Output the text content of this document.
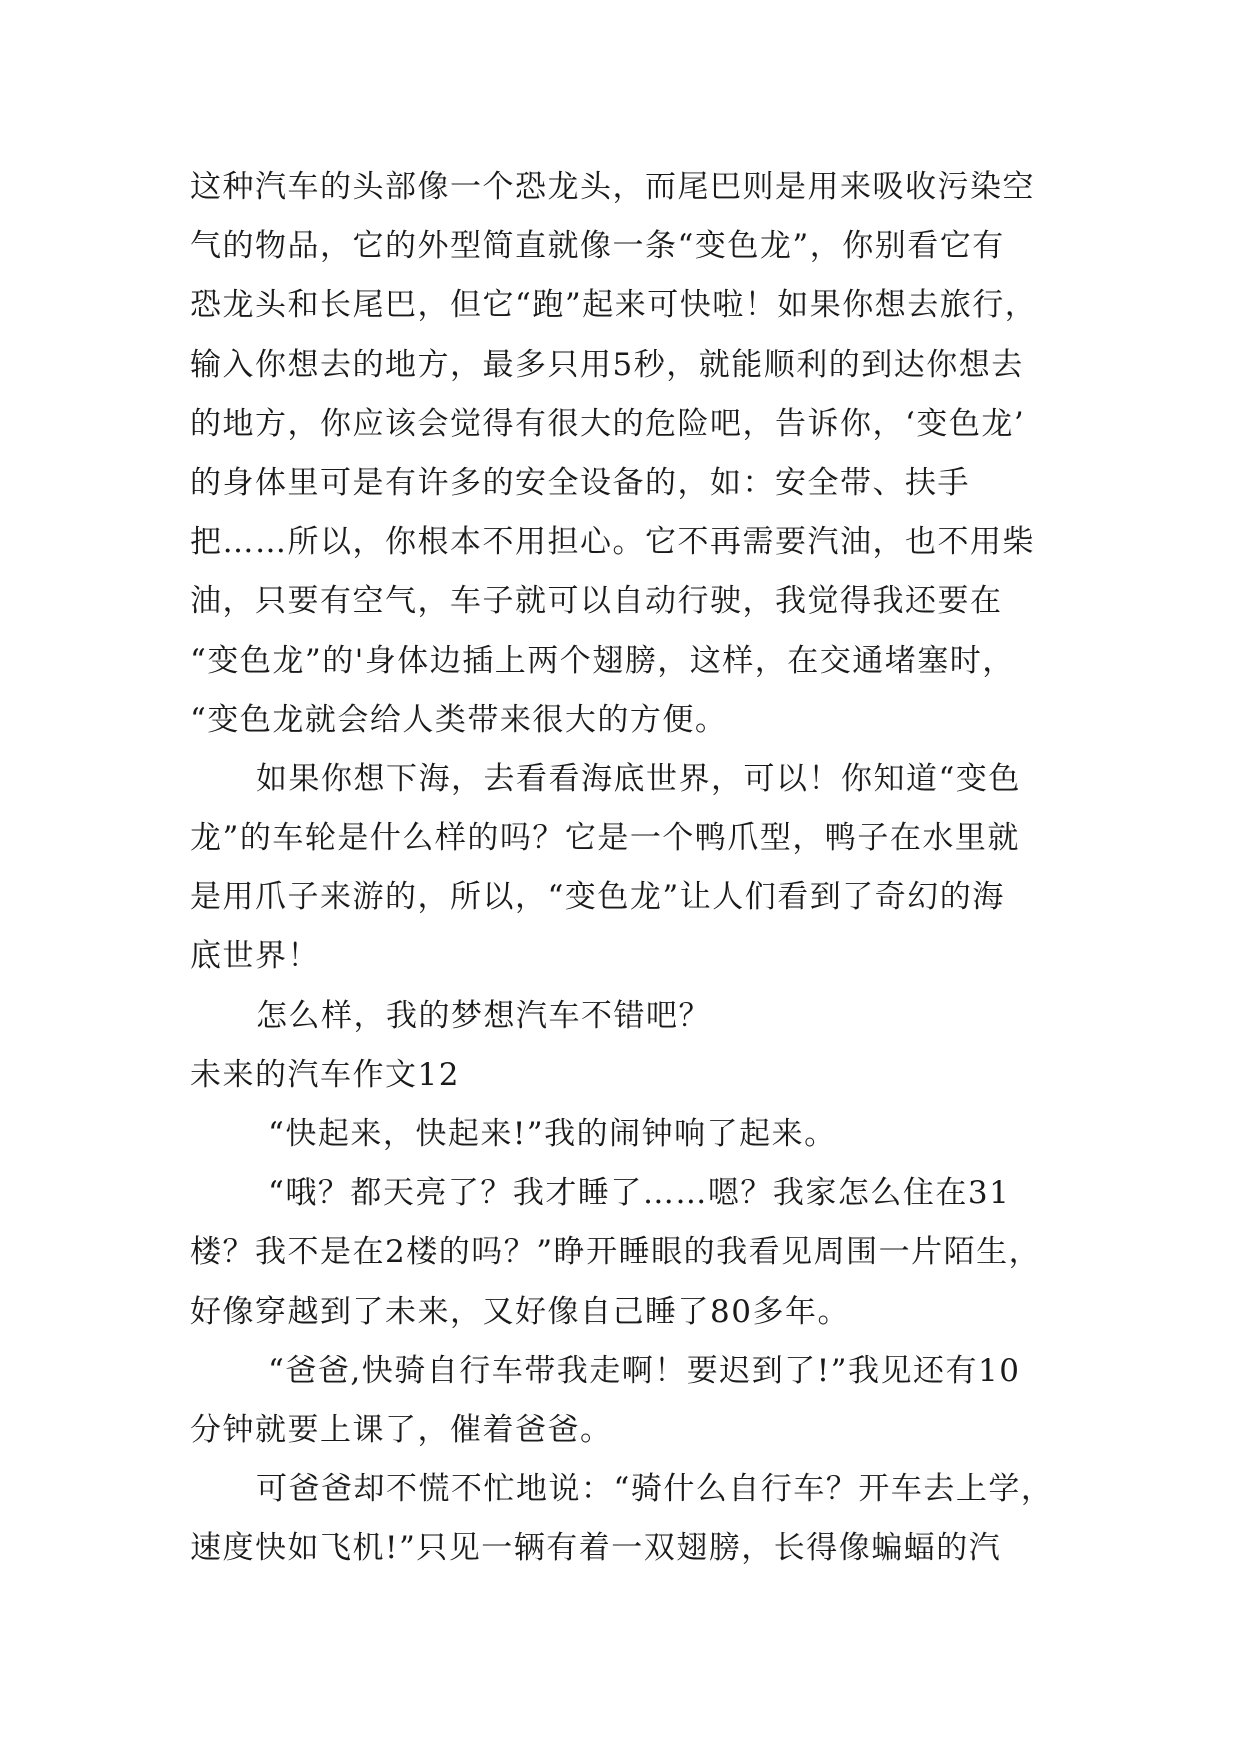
这种汽车的头部像一个恐龙头，而尾巴则是用来吸收污染空
气的物品，它的外型简直就像一条“变色龙”，你别看它有
恐龙头和长尾巴，但它“跑”起来可快啦！如果你想去旅行，
输入你想去的地方，最多只用5秒，就能顺利的到达你想去
的地方，你应该会觉得有很大的危险吧，告诉你，‘变色龙’
的身体里可是有许多的安全设备的，如：安全带、扶手
把……所以，你根本不用担心。它不再需要汽油，也不用柴
油，只要有空气，车子就可以自动行驶，我觉得我还要在
“变色龙”的'身体边插上两个翅膀，这样，在交通堵塞时，
“变色龙就会给人类带来很大的方便。
如果你想下海，去看看海底世界，可以！你知道“变色
龙”的车轮是什么样的吗？它是一个鸭爪型，鸭子在水里就
是用爪子来游的，所以，“变色龙”让人们看到了奇幻的海
底世界！
怎么样，我的梦想汽车不错吧？
未来的汽车作文12
“快起来，快起来!”我的闹钟响了起来。
“哦？都天亮了？我才睡了……嗯？我家怎么住在31
楼？我不是在2楼的吗？”睁开睡眼的我看见周围一片陌生，
好像穿越到了未来，又好像自己睡了80多年。
“爸爸,快骑自行车带我走啊！要迟到了!”我见还有10
分钟就要上课了，催着爸爸。
可爸爸却不慌不忙地说：“骑什么自行车？开车去上学，
速度快如飞机!”只见一辆有着一双翅膀，长得像蝙蝠的汽
